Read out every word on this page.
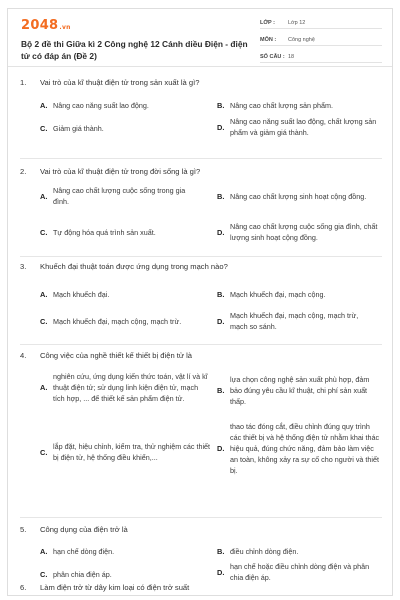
2048.vn
Bộ 2 đề thi Giữa kì 2 Công nghệ 12 Cánh diều Điện - điện tử có đáp án (Đề 2)
LỚP :	Lớp 12
MÔN :	Công nghệ
SỐ CÂU : 18
1. Vai trò của kĩ thuật điện tử trong sản xuất là gì?
A. Nâng cao năng suất lao động.	B. Nâng cao chất lượng sản phẩm.
C. Giảm giá thành.	D.
Nâng cao năng suất lao động, chất lượng sản phẩm và giảm giá thành.
2. Vai trò của kĩ thuật điện tử trong đời sống là gì?
A.
Nâng cao chất lượng cuộc sống trong gia đình.
B. Nâng cao chất lượng sinh hoạt cộng đồng.
C. Tự động hóa quá trình sản xuất.	D.
Nâng cao chất lượng cuộc sống gia đình, chất lượng sinh hoạt cộng đồng.
3. Khuếch đại thuật toán được ứng dụng trong mạch nào?
A. Mạch khuếch đại.	B. Mạch khuếch đại, mạch cộng.
C. Mạch khuếch đại, mạch cộng, mạch trừ.	D.
Mạch khuếch đại, mạch cộng, mạch trừ, mạch so sánh.
4. Công việc của nghề thiết kế thiết bị điện tử là
A.
nghiên cứu, ứng dụng kiến thức toán, vật lí và kĩ thuật điện tử; sử dụng linh kiện điện tử, mạch tích hợp, ... để thiết kế sản phẩm điện tử.
B.
lựa chọn công nghệ sản xuất phù hợp, đảm bảo đúng yêu cầu kĩ thuật, chi phí sản xuất thấp.
C.
lắp đặt, hiệu chỉnh, kiểm tra, thử nghiệm các thiết bị điện tử, hệ thống điều khiển,...
D.
thao tác đóng cắt, điều chỉnh đúng quy trình các thiết bị và hệ thống điện tử nhằm khai thác hiệu quả, đúng chức năng, đảm bảo làm việc an toàn, không xảy ra sự cố cho người và thiết bị.
5. Công dụng của điện trở là
A. hạn chế dòng điện.	B. điều chỉnh dòng điện.
C. phân chia điện áp.	D.
hạn chế hoặc điều chỉnh dòng điện và phân chia điện áp.
6. Làm điện trở từ dây kim loại có điện trở suất
